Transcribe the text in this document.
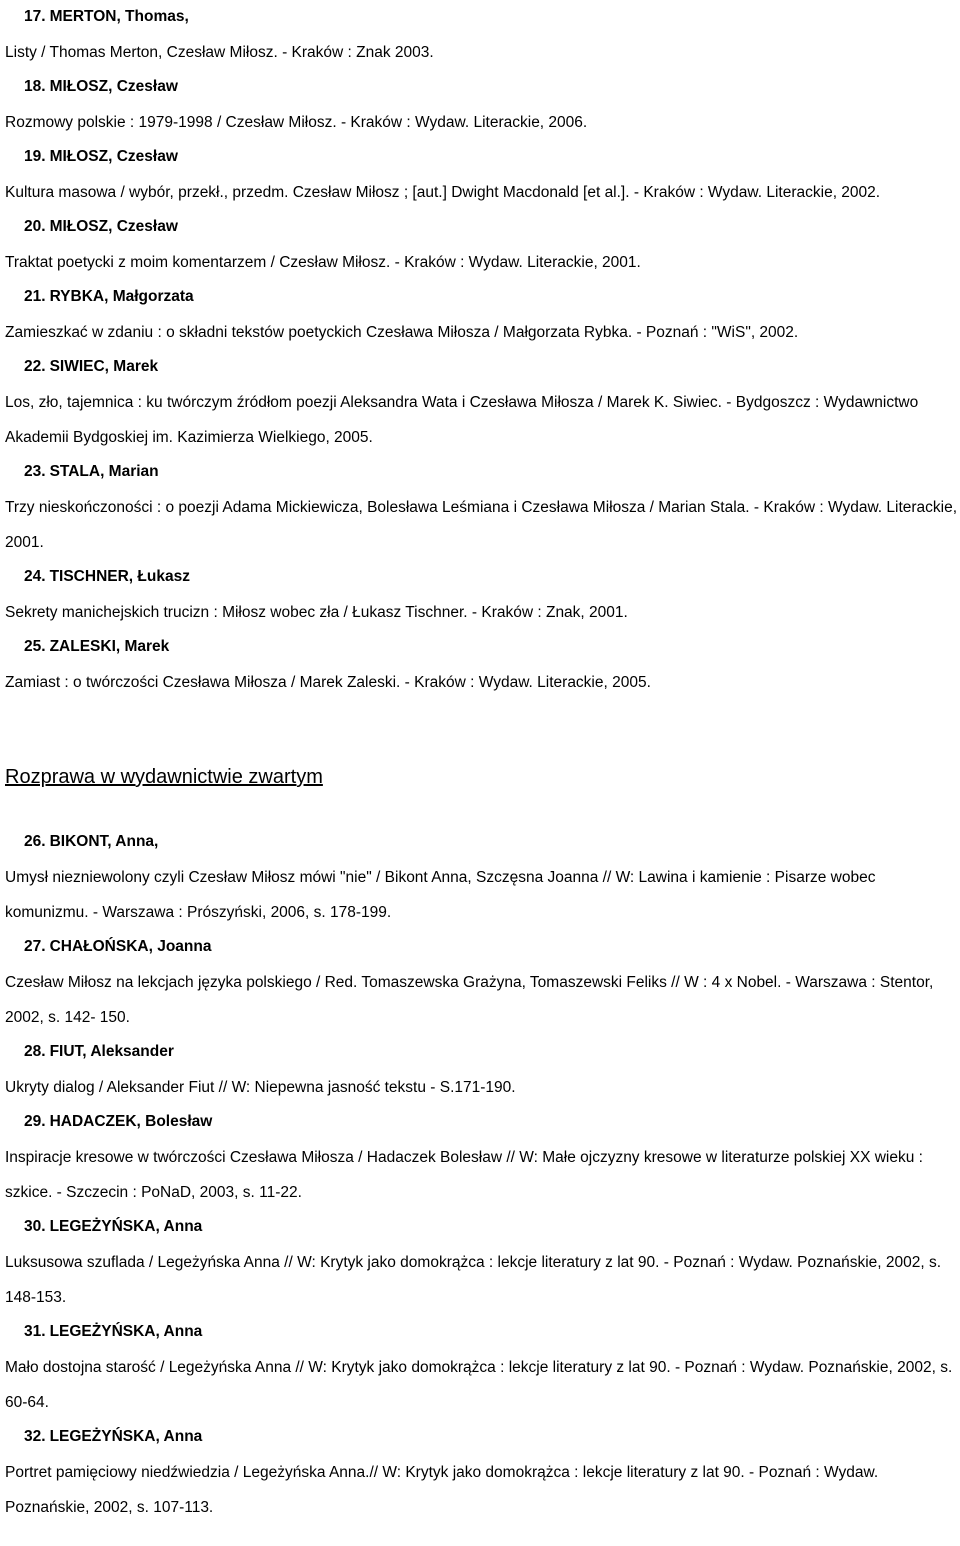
17. MERTON, Thomas,
Listy / Thomas Merton, Czesław Miłosz. - Kraków : Znak 2003.
18. MIŁOSZ, Czesław
Rozmowy polskie : 1979-1998 / Czesław Miłosz. - Kraków : Wydaw. Literackie, 2006.
19. MIŁOSZ, Czesław
Kultura masowa / wybór, przekł., przedm. Czesław Miłosz ; [aut.] Dwight Macdonald [et al.]. - Kraków : Wydaw. Literackie, 2002.
20. MIŁOSZ, Czesław
Traktat poetycki z moim komentarzem / Czesław Miłosz. - Kraków : Wydaw. Literackie, 2001.
21. RYBKA, Małgorzata
Zamieszkać w zdaniu : o składni tekstów poetyckich Czesława Miłosza / Małgorzata Rybka. - Poznań : "WiS", 2002.
22. SIWIEC, Marek
Los, zło, tajemnica : ku twórczym źródłom poezji Aleksandra Wata i Czesława Miłosza / Marek K. Siwiec. - Bydgoszcz : Wydawnictwo Akademii Bydgoskiej im. Kazimierza Wielkiego, 2005.
23. STALA, Marian
Trzy nieskończoności : o poezji Adama Mickiewicza, Bolesława Leśmiana i Czesława Miłosza / Marian Stala. - Kraków : Wydaw. Literackie, 2001.
24. TISCHNER, Łukasz
Sekrety manichejskich trucizn : Miłosz wobec zła / Łukasz Tischner. - Kraków : Znak, 2001.
25. ZALESKI, Marek
Zamiast : o twórczości Czesława Miłosza / Marek Zaleski. - Kraków : Wydaw. Literackie, 2005.
Rozprawa w wydawnictwie zwartym
26. BIKONT, Anna,
Umysł niezniewolony czyli Czesław Miłosz mówi "nie" / Bikont Anna, Szczęsna Joanna // W: Lawina i kamienie : Pisarze wobec komunizmu. - Warszawa : Prószyński, 2006, s. 178-199.
27. CHAŁOŃSKA, Joanna
Czesław Miłosz na lekcjach języka polskiego / Red. Tomaszewska Grażyna, Tomaszewski Feliks // W : 4 x Nobel. - Warszawa : Stentor, 2002, s. 142- 150.
28. FIUT, Aleksander
Ukryty dialog / Aleksander Fiut // W: Niepewna jasność tekstu - S.171-190.
29. HADACZEK, Bolesław
Inspiracje kresowe w twórczości Czesława Miłosza / Hadaczek Bolesław // W: Małe ojczyzny kresowe w literaturze polskiej XX wieku : szkice. - Szczecin : PoNaD, 2003, s. 11-22.
30. LEGEŻYŃSKA, Anna
Luksusowa szuflada / Legeżyńska Anna // W: Krytyk jako domokrążca : lekcje literatury z lat 90. - Poznań : Wydaw. Poznańskie, 2002, s. 148-153.
31. LEGEŻYŃSKA, Anna
Mało dostojna starość / Legeżyńska Anna // W: Krytyk jako domokrążca : lekcje literatury z lat 90. - Poznań : Wydaw. Poznańskie, 2002, s. 60-64.
32. LEGEŻYŃSKA, Anna
Portret pamięciowy niedźwiedzia / Legeżyńska Anna.// W: Krytyk jako domokrążca : lekcje literatury z lat 90. - Poznań : Wydaw. Poznańskie, 2002, s. 107-113.
